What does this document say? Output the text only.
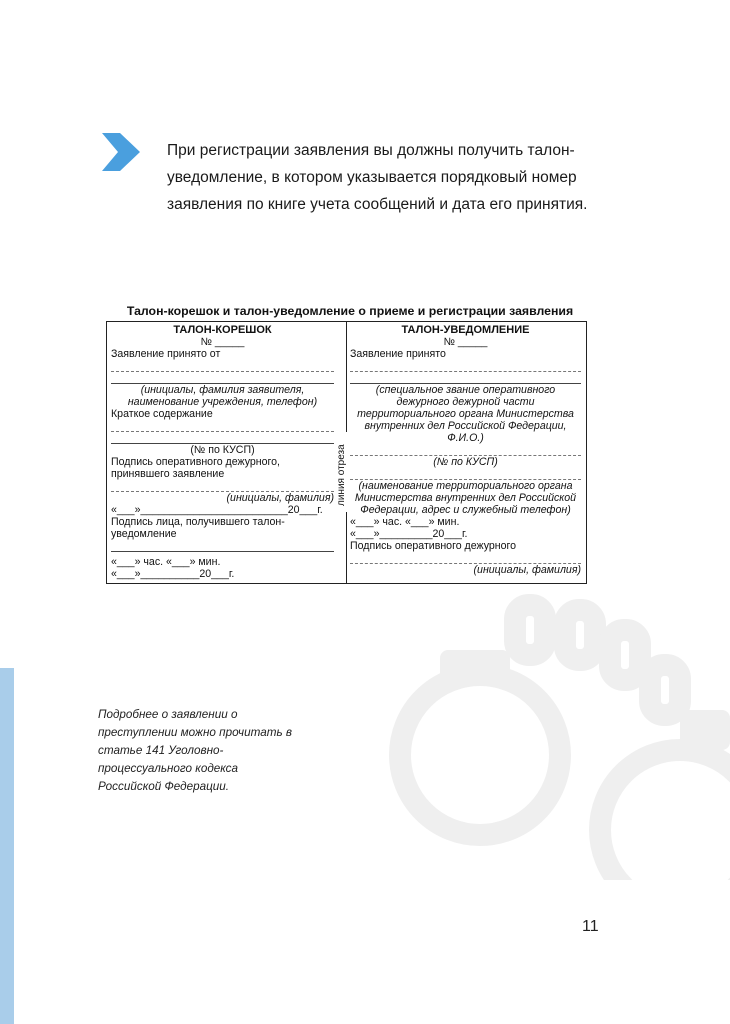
При регистрации заявления вы должны получить талон-уведомление, в котором указывается порядковый номер заявления по книге учета сообщений и дата его принятия.
Талон-корешок и талон-уведомление о приеме и регистрации заявления
ТАЛОН-КОРЕШОК
№ _____
Заявление принято от
(инициалы, фамилия заявителя, наименование учреждения, телефон)
Краткое содержание
(№ по КУСП)
Подпись оперативного дежурного, принявшего заявление
(инициалы, фамилия)
«___»_________________________20___г.
Подпись лица, получившего талон-уведомление
«___» час. «___» мин.
«___»__________20___г.
линия отреза
ТАЛОН-УВЕДОМЛЕНИЕ
№ _____
Заявление принято
(специальное звание оперативного дежурного дежурной части территориального органа Министерства внутренних дел Российской Федерации, Ф.И.О.)
(№ по КУСП)
(наименование территориального органа Министерства внутренних дел Российской Федерации, адрес и служебный телефон)
«___» час. «___» мин.
«___»_________20___г.
Подпись оперативного дежурного
(инициалы, фамилия)
Подробнее о заявлении о преступлении можно прочитать в статье 141 Уголовно-процессуального кодекса Российской Федерации.
11
